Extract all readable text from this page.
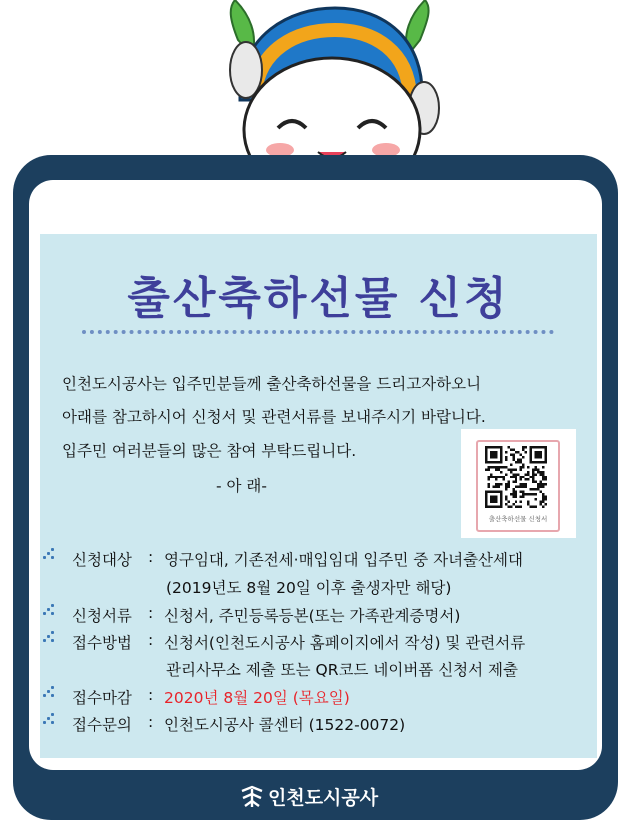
출산축하선물 신청
인천도시공사는 입주민분들께 출산축하선물을 드리고자하오니
아래를 참고하시어 신청서 및 관련서류를 보내주시기 바랍니다.
입주민 여러분들의 많은 참여 부탁드립니다.
- 아 래-
출산축하선물 신청서
신청대상 : 영구임대, 기존전세·매입임대 입주민 중 자녀출산세대
(2019년도 8월 20일 이후 출생자만 해당)
신청서류 : 신청서, 주민등록등본(또는 가족관계증명서)
접수방법 : 신청서(인천도시공사 홈페이지에서 작성) 및 관련서류
관리사무소 제출 또는 QR코드 네이버폼 신청서 제출
접수마감 : 2020년 8월 20일 (목요일)
접수문의 : 인천도시공사 콜센터 (1522-0072)
인천도시공사
